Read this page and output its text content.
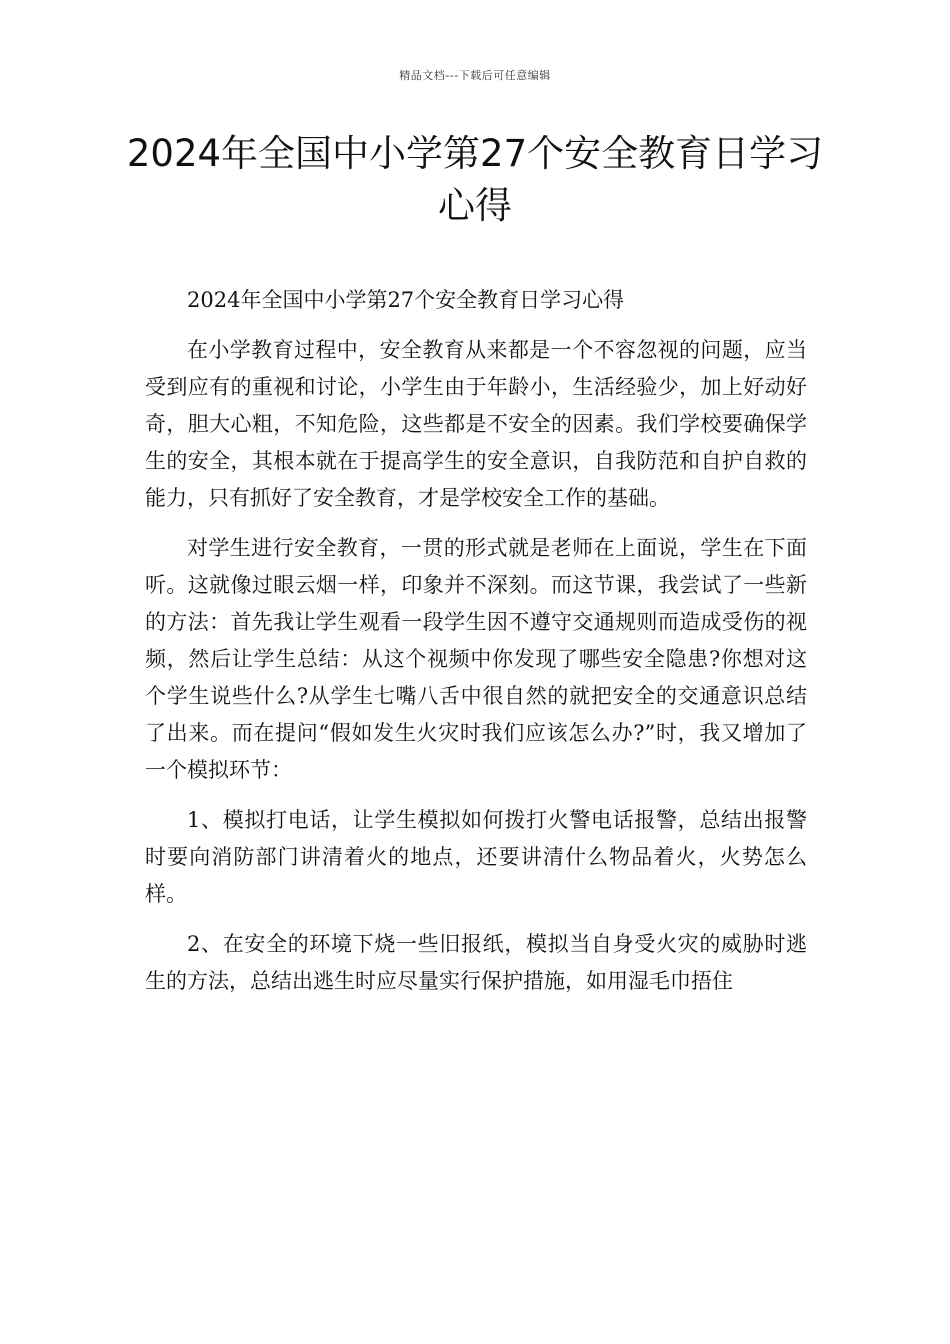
精品文档---下载后可任意编辑
2024年全国中小学第27个安全教育日学习心得

2024年全国中小学第27个安全教育日学习心得

在小学教育过程中，安全教育从来都是一个不容忽视的问题，应当受到应有的重视和讨论，小学生由于年龄小，生活经验少，加上好动好奇，胆大心粗，不知危险，这些都是不安全的因素。我们学校要确保学生的安全，其根本就在于提高学生的安全意识，自我防范和自护自救的能力，只有抓好了安全教育，才是学校安全工作的基础。

对学生进行安全教育，一贯的形式就是老师在上面说，学生在下面听。这就像过眼云烟一样，印象并不深刻。而这节课，我尝试了一些新的方法：首先我让学生观看一段学生因不遵守交通规则而造成受伤的视频，然后让学生总结：从这个视频中你发现了哪些安全隐患?你想对这个学生说些什么?从学生七嘴八舌中很自然的就把安全的交通意识总结了出来。而在提问“假如发生火灾时我们应该怎么办?”时，我又增加了一个模拟环节：

1、模拟打电话，让学生模拟如何拨打火警电话报警，总结出报警时要向消防部门讲清着火的地点，还要讲清什么物品着火，火势怎么样。

2、在安全的环境下烧一些旧报纸，模拟当自身受火灾的威胁时逃生的方法，总结出逃生时应尽量实行保护措施，如用湿毛巾捂住
